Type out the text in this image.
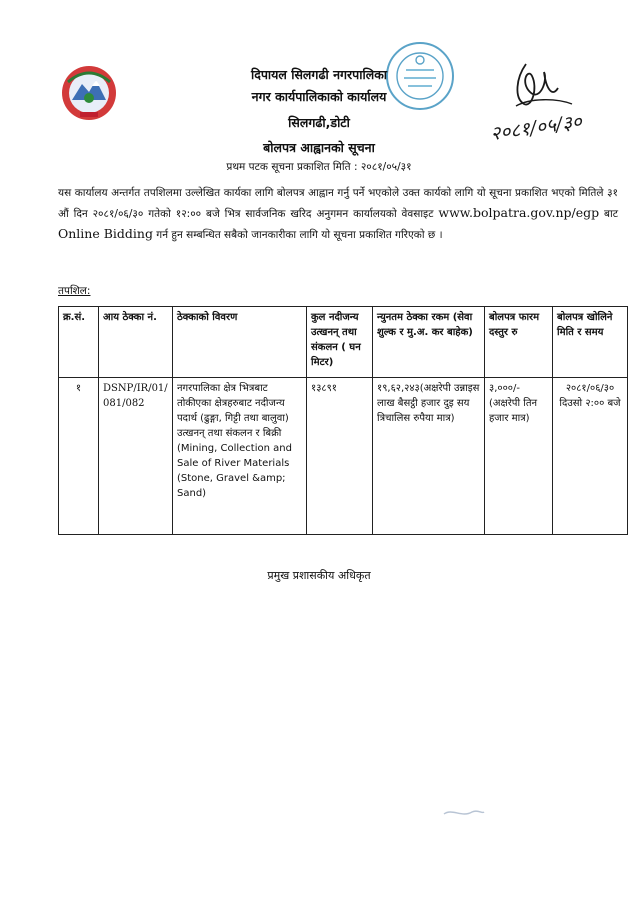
२०८१/०५/३०
दिपायल सिलगढी नगरपालिका
नगर कार्यपालिकाको कार्यालय
सिलगढी,डोटी
बोलपत्र आह्वानको सूचना
प्रथम पटक सूचना प्रकाशित मिति : २०८१/०५/३१
यस कार्यालय अन्तर्गत तपशिलमा उल्लेखित कार्यका लागि बोलपत्र आह्वान गर्नु पर्ने भएकोले उक्त कार्यको लागि यो सूचना प्रकाशित भएको मितिले ३१ औं दिन २०८१/०६/३० गतेको १२:०० बजे भित्र सार्वजनिक खरिद अनुगमन कार्यालयको वेवसाइट www.bolpatra.gov.np/egp बाट Online Bidding गर्न हुन सम्बन्धित सबैको जानकारीका लागि यो सूचना प्रकाशित गरिएको छ ।
तपशिल:
क्र.सं.	आय ठेक्का नं.	ठेक्काको विवरण	कुल नदीजन्य उत्खनन् तथा संकलन ( घन मिटर)	न्युनतम ठेक्का रकम (सेवा शुल्क र मु.अ. कर बाहेक)	बोलपत्र फारम दस्तुर रु	बोलपत्र खोलिने मिति र समय
१	DSNP/IR/01/081/082	नगरपालिका क्षेत्र भित्रबाट तोकीएका क्षेत्रहरुबाट नदीजन्य पदार्थ (ढुङ्गा, गिट्टी तथा बालुवा) उत्खनन् तथा संकलन र बिक्री (Mining, Collection and Sale of River Materials (Stone, Gravel &amp; Sand)	१३८९१	१९,६२,२४३(अक्षरेपी उन्नाइस लाख बैसट्ठी हजार दुइ सय त्रिचालिस रुपैया मात्र)	३,०००/- (अक्षरेपी तिन हजार मात्र)	२०८१/०६/३० दिउसो २:०० बजे
प्रमुख प्रशासकीय अधिकृत
